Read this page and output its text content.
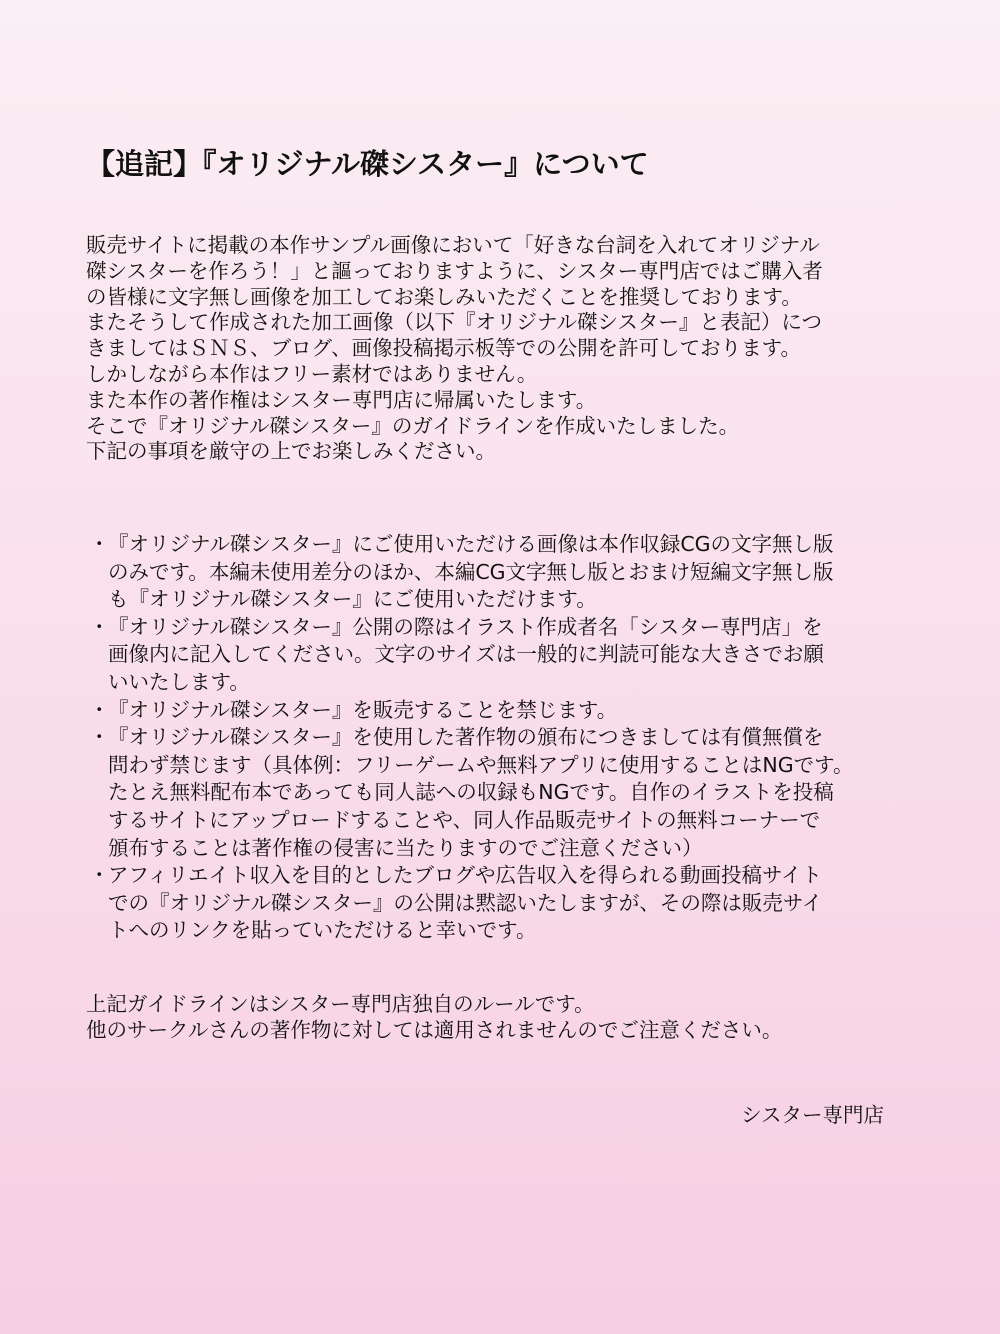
【追記】『オリジナル磔シスター』について
販売サイトに掲載の本作サンプル画像において「好きな台詞を入れてオリジナル
磔シスターを作ろう！」と謳っておりますように、シスター専門店ではご購入者
の皆様に文字無し画像を加工してお楽しみいただくことを推奨しております。
またそうして作成された加工画像（以下『オリジナル磔シスター』と表記）につ
きましてはＳＮＳ、ブログ、画像投稿掲示板等での公開を許可しております。
しかしながら本作はフリー素材ではありません。
また本作の著作権はシスター専門店に帰属いたします。
そこで『オリジナル磔シスター』のガイドラインを作成いたしました。
下記の事項を厳守の上でお楽しみください。
・
『オリジナル磔シスター』にご使用いただける画像は本作収録CGの文字無し版
のみです。本編未使用差分のほか、本編CG文字無し版とおまけ短編文字無し版
も『オリジナル磔シスター』にご使用いただけます。
・
『オリジナル磔シスター』公開の際はイラスト作成者名「シスター専門店」を
画像内に記入してください。文字のサイズは一般的に判読可能な大きさでお願
いいたします。
・
『オリジナル磔シスター』を販売することを禁じます。
・
『オリジナル磔シスター』を使用した著作物の頒布につきましては有償無償を
問わず禁じます（具体例：フリーゲームや無料アプリに使用することはNGです。
たとえ無料配布本であっても同人誌への収録もNGです。自作のイラストを投稿
するサイトにアップロードすることや、同人作品販売サイトの無料コーナーで
頒布することは著作権の侵害に当たりますのでご注意ください）
・
アフィリエイト収入を目的としたブログや広告収入を得られる動画投稿サイト
での『オリジナル磔シスター』の公開は黙認いたしますが、その際は販売サイ
トへのリンクを貼っていただけると幸いです。
上記ガイドラインはシスター専門店独自のルールです。
他のサークルさんの著作物に対しては適用されませんのでご注意ください。
シスター専門店
